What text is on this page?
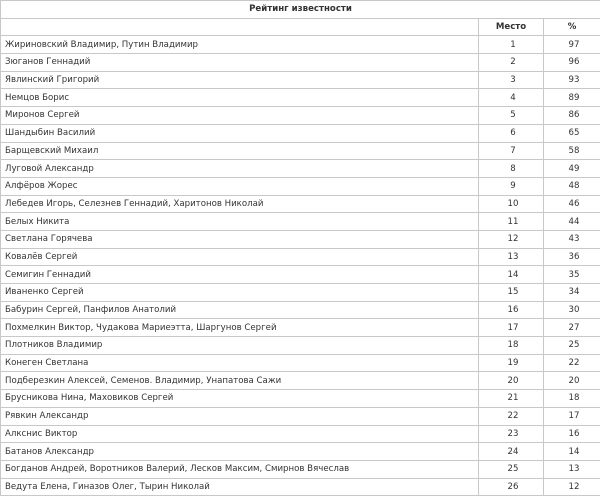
Рейтинг известности		
	Место	%
Жириновский Владимир, Путин Владимир	1	97
Зюганов Геннадий	2	96
Явлинский Григорий	3	93
Немцов Борис	4	89
Миронов Сергей	5	86
Шандыбин Василий	6	65
Барщевский Михаил	7	58
Луговой Александр	8	49
Алфёров Жорес	9	48
Лебедев Игорь, Селезнев Геннадий, Харитонов Николай	10	46
Белых Никита	11	44
Светлана Горячева	12	43
Ковалёв Сергей	13	36
Семигин Геннадий	14	35
Иваненко Сергей	15	34
Бабурин Сергей, Панфилов Анатолий	16	30
Похмелкин Виктор, Чудакова Мариеэтта, Шаргунов Сергей	17	27
Плотников Владимир	18	25
Конеген Светлана	19	22
Подберезкин Алексей, Семенов. Владимир, Унапатова Сажи	20	20
Брусникова Нина, Маховиков Сергей	21	18
Рявкин Александр	22	17
Алкснис Виктор	23	16
Батанов Александр	24	14
Богданов Андрей, Воротников Валерий, Лесков Максим, Смирнов Вячеслав	25	13
Ведута Елена, Гиназов Олег, Тырин Николай	26	12
